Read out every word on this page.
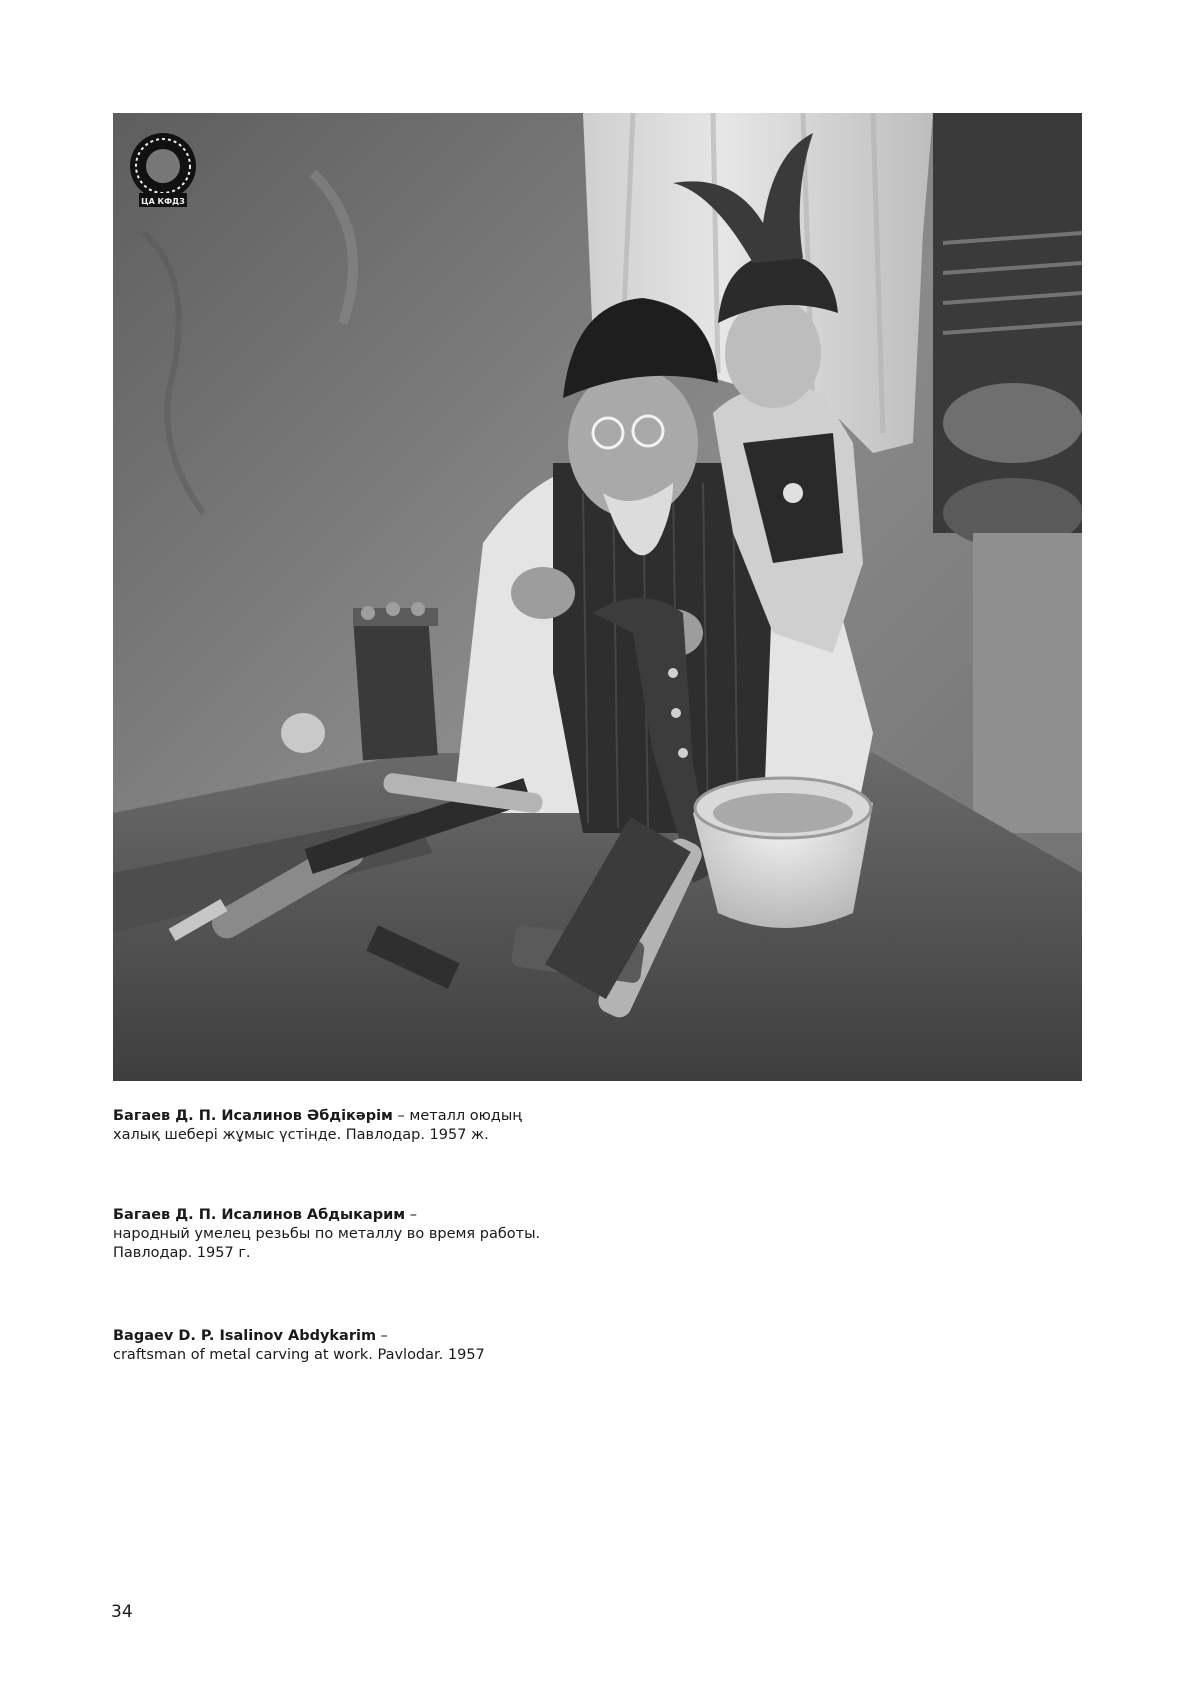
ЦА КФДЗ
Багаев Д. П. Исалинов Әбдікәрім – металл оюдың
халық шебері жұмыс үстінде. Павлодар. 1957 ж.
Багаев Д. П. Исалинов Абдыкарим –
народный умелец резьбы по металлу во время работы.
Павлодар. 1957 г.
Bagaev D. P. Isalinov Abdykarim –
craftsman of metal carving at work. Pavlodar. 1957
34
